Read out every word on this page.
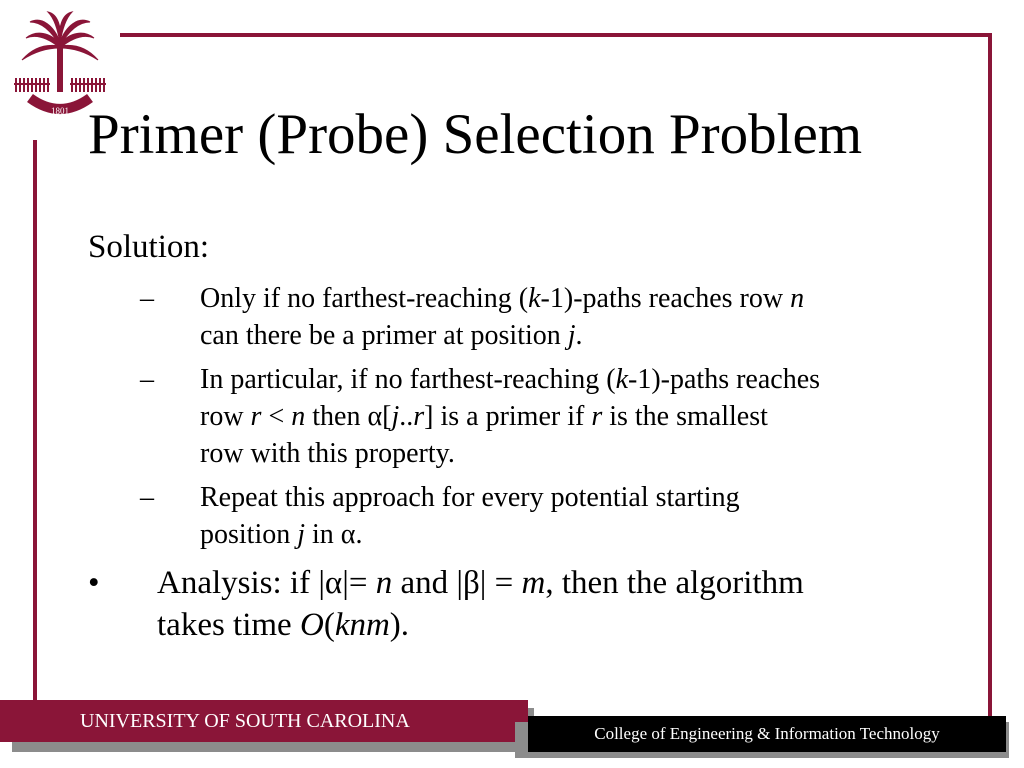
1801 Primer (Probe) Selection Problem
Solution:
– Only if no farthest-reaching (k-1)-paths reaches row n
can there be a primer at position j.
– In particular, if no farthest-reaching (k-1)-paths reaches
row r < n then α[j..r] is a primer if r is the smallest
row with this property.
– Repeat this approach for every potential starting
position j in α.
• Analysis: if |α|= n and |β| = m, then the algorithm
takes time O(knm).
UNIVERSITY OF SOUTH CAROLINA
College of Engineering & Information Technology
